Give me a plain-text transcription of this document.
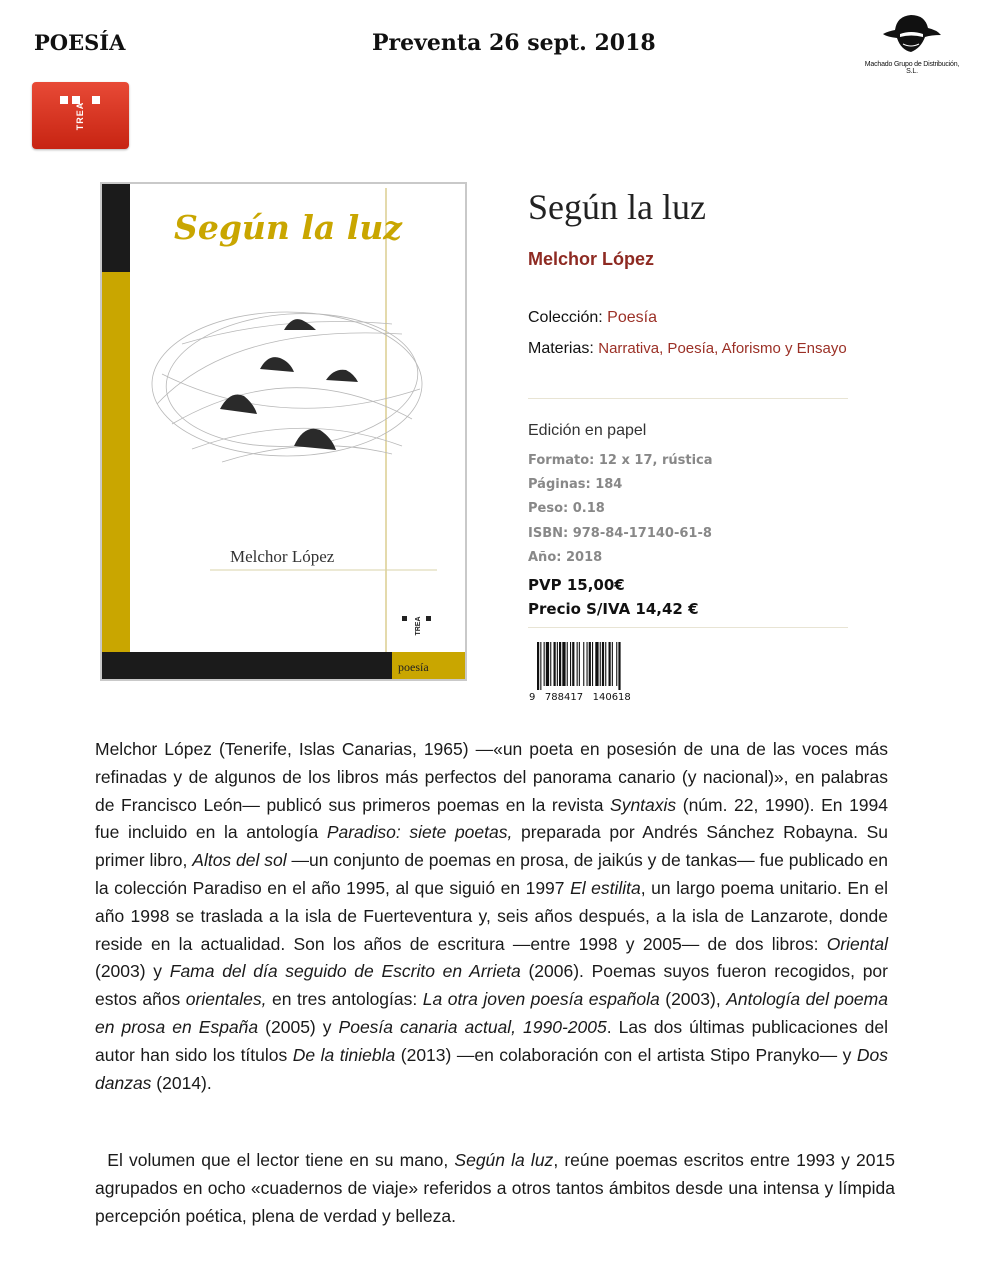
POESÍA	Preventa 26 sept. 2018
Machado Grupo de Distribución, S.L.
TREA
Según la luz
Melchor López
poesía
TREA
Según la luz
Melchor López
Colección: Poesía
Materias: Narrativa, Poesía, Aforismo y Ensayo
Edición en papel
Formato: 12 x 17, rústica
Páginas: 184
Peso: 0.18
ISBN: 978-84-17140-61-8
Año: 2018
PVP 15,00€
Precio S/IVA 14,42 €
9   788417   140618

Melchor López (Tenerife, Islas Canarias, 1965) —«un poeta en posesión de una de las voces más refinadas y de algunos de los libros más perfectos del panorama canario (y nacional)», en palabras de Francisco León— publicó sus primeros poemas en la revista Syntaxis (núm. 22, 1990). En 1994 fue incluido en la antología Paradiso: siete poetas, preparada por Andrés Sánchez Robayna. Su primer libro, Altos del sol —un conjunto de poemas en prosa, de jaikús y de tankas— fue publicado en la colección Paradiso en el año 1995, al que siguió en 1997 El estilita, un largo poema unitario. En el año 1998 se traslada a la isla de Fuerteventura y, seis años después, a la isla de Lanzarote, donde reside en la actualidad. Son los años de escritura —entre 1998 y 2005— de dos libros: Oriental (2003) y Fama del día seguido de Escrito en Arrieta (2006). Poemas suyos fueron recogidos, por estos años orientales, en tres antologías: La otra joven poesía española (2003), Antología del poema en prosa en España (2005) y Poesía canaria actual, 1990-2005. Las dos últimas publicaciones del autor han sido los títulos De la tiniebla (2013) —en colaboración con el artista Stipo Pranyko— y Dos danzas (2014).

El volumen que el lector tiene en su mano, Según la luz, reúne poemas escritos entre 1993 y 2015 agrupados en ocho «cuadernos de viaje» referidos a otros tantos ámbitos desde una intensa y límpida percepción poética, plena de verdad y belleza.
